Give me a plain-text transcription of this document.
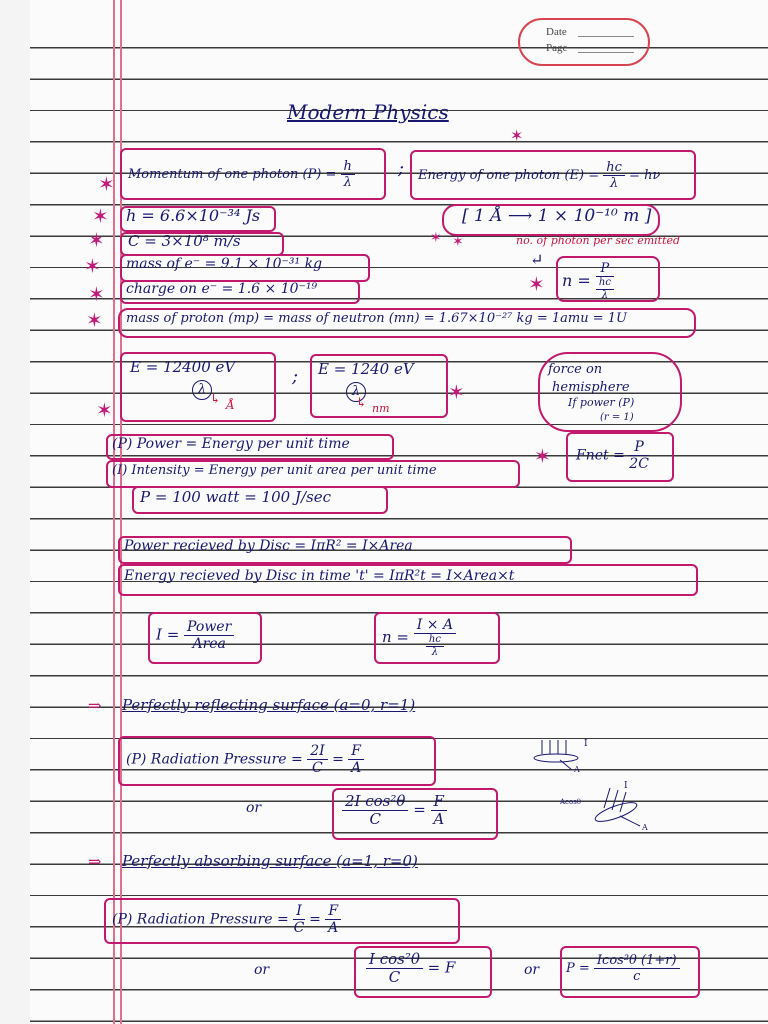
Date
Page
Modern Physics
✶
Momentum of one photon $(P) = \frac{h}{\lambda}$ ; Energy of one photon $(E) = \frac{hc}{\lambda} = h\nu$
✶
h = 6.6×10⁻³⁴ Js
✶	[ 1 Å ⟶ 1 × 10⁻¹⁰ m ]
C = 3×10⁸ m/s
✶	✶ ✶	no. of photon per sec emitted
mass of e⁻ = 9.1 × 10⁻³¹ kg
✶	↵
$n = \frac{P}{\frac{hc}{\lambda}}$
✶
charge on e⁻ = 1.6 × 10⁻¹⁹
✶
mass of proton (mp) = mass of neutron (mn) = 1.67×10⁻²⁷ kg = 1amu = 1U
✶
E = 12400 eV
λ
↳ Å
; E = 1240 eV
λ
↳ nm
✶
✶
force on
hemisphere
If power (P)
(r = 1)
(P) Power = Energy per unit time
(I) Intensity = Energy per unit area per unit time
P = 100 watt = 100 J/sec
✶ Fnet = $\frac{P}{2C}$
Power recieved by Disc = IπR² = I×Area
Energy recieved by Disc in time 't' = IπR²t = I×Area×t
$I = \frac{\text{Power}}{\text{Area}}$	$n = \frac{I \times A}{\frac{hc}{\lambda}}$
⇒ Perfectly reflecting surface (a=0, r=1)
(P) Radiation Pressure = $\frac{2I}{C} = \frac{F}{A}$
or	$\frac{\text{2I cos²θ}}{C} = \frac{F}{A}$
I
A
I
Acosθ
A
⇒ Perfectly absorbing surface (a=1, r=0)
(P) Radiation Pressure = $\frac{I}{C} = \frac{F}{A}$
or	$\frac{\text{I cos²θ}}{C} = F$	or $P = \frac{\text{Icos²θ (1+r)}}{c}$
